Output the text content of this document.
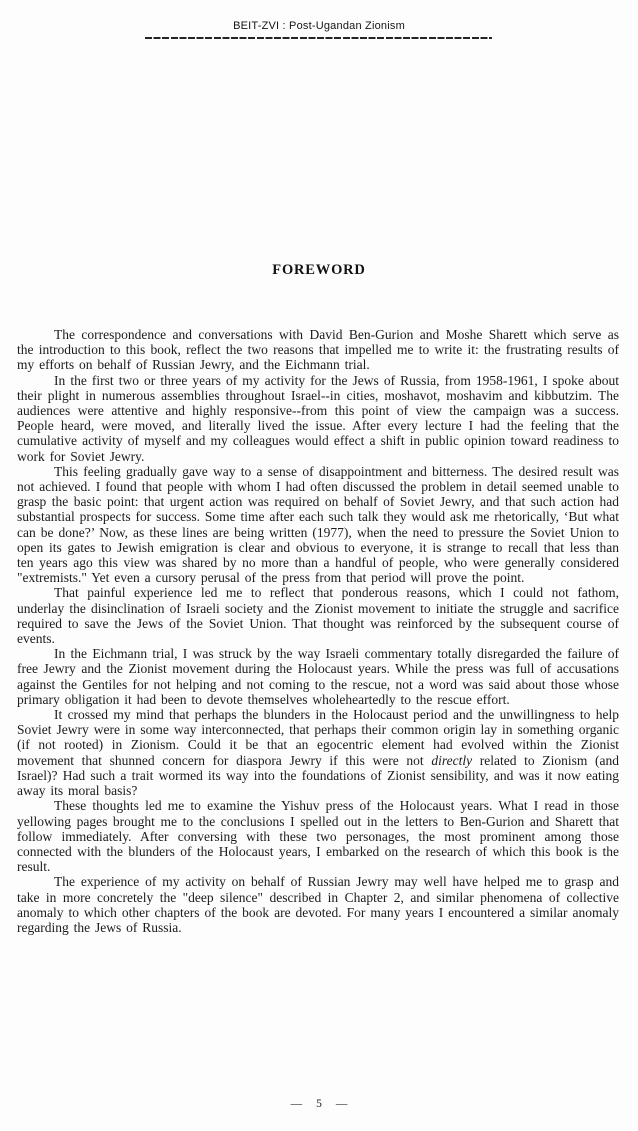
BEIT-ZVI : Post-Ugandan Zionism
FOREWORD

The correspondence and conversations with David Ben-Gurion and Moshe Sharett which serve as the introduction to this book, reflect the two reasons that impelled me to write it: the frustrating results of my efforts on behalf of Russian Jewry, and the Eichmann trial.

In the first two or three years of my activity for the Jews of Russia, from 1958-1961, I spoke about their plight in numerous assemblies throughout Israel--in cities, moshavot, moshavim and kibbutzim. The audiences were attentive and highly responsive--from this point of view the campaign was a success. People heard, were moved, and literally lived the issue. After every lecture I had the feeling that the cumulative activity of myself and my colleagues would effect a shift in public opinion toward readiness to work for Soviet Jewry.

This feeling gradually gave way to a sense of disappointment and bitterness. The desired result was not achieved. I found that people with whom I had often discussed the problem in detail seemed unable to grasp the basic point: that urgent action was required on behalf of Soviet Jewry, and that such action had substantial prospects for success. Some time after each such talk they would ask me rhetorically, ‘But what can be done?’ Now, as these lines are being written (1977), when the need to pressure the Soviet Union to open its gates to Jewish emigration is clear and obvious to everyone, it is strange to recall that less than ten years ago this view was shared by no more than a handful of people, who were generally considered "extremists." Yet even a cursory perusal of the press from that period will prove the point.

That painful experience led me to reflect that ponderous reasons, which I could not fathom, underlay the disinclination of Israeli society and the Zionist movement to initiate the struggle and sacrifice required to save the Jews of the Soviet Union. That thought was reinforced by the subsequent course of events.

In the Eichmann trial, I was struck by the way Israeli commentary totally disregarded the failure of free Jewry and the Zionist movement during the Holocaust years. While the press was full of accusations against the Gentiles for not helping and not coming to the rescue, not a word was said about those whose primary obligation it had been to devote themselves wholeheartedly to the rescue effort.

It crossed my mind that perhaps the blunders in the Holocaust period and the unwillingness to help Soviet Jewry were in some way interconnected, that perhaps their common origin lay in something organic (if not rooted) in Zionism. Could it be that an egocentric element had evolved within the Zionist movement that shunned concern for diaspora Jewry if this were not directly related to Zionism (and Israel)? Had such a trait wormed its way into the foundations of Zionist sensibility, and was it now eating away its moral basis?

These thoughts led me to examine the Yishuv press of the Holocaust years. What I read in those yellowing pages brought me to the conclusions I spelled out in the letters to Ben-Gurion and Sharett that follow immediately. After conversing with these two personages, the most prominent among those connected with the blunders of the Holocaust years, I embarked on the research of which this book is the result.

The experience of my activity on behalf of Russian Jewry may well have helped me to grasp and take in more concretely the "deep silence" described in Chapter 2, and similar phenomena of collective anomaly to which other chapters of the book are devoted. For many years I encountered a similar anomaly regarding the Jews of Russia.

— 5 —
